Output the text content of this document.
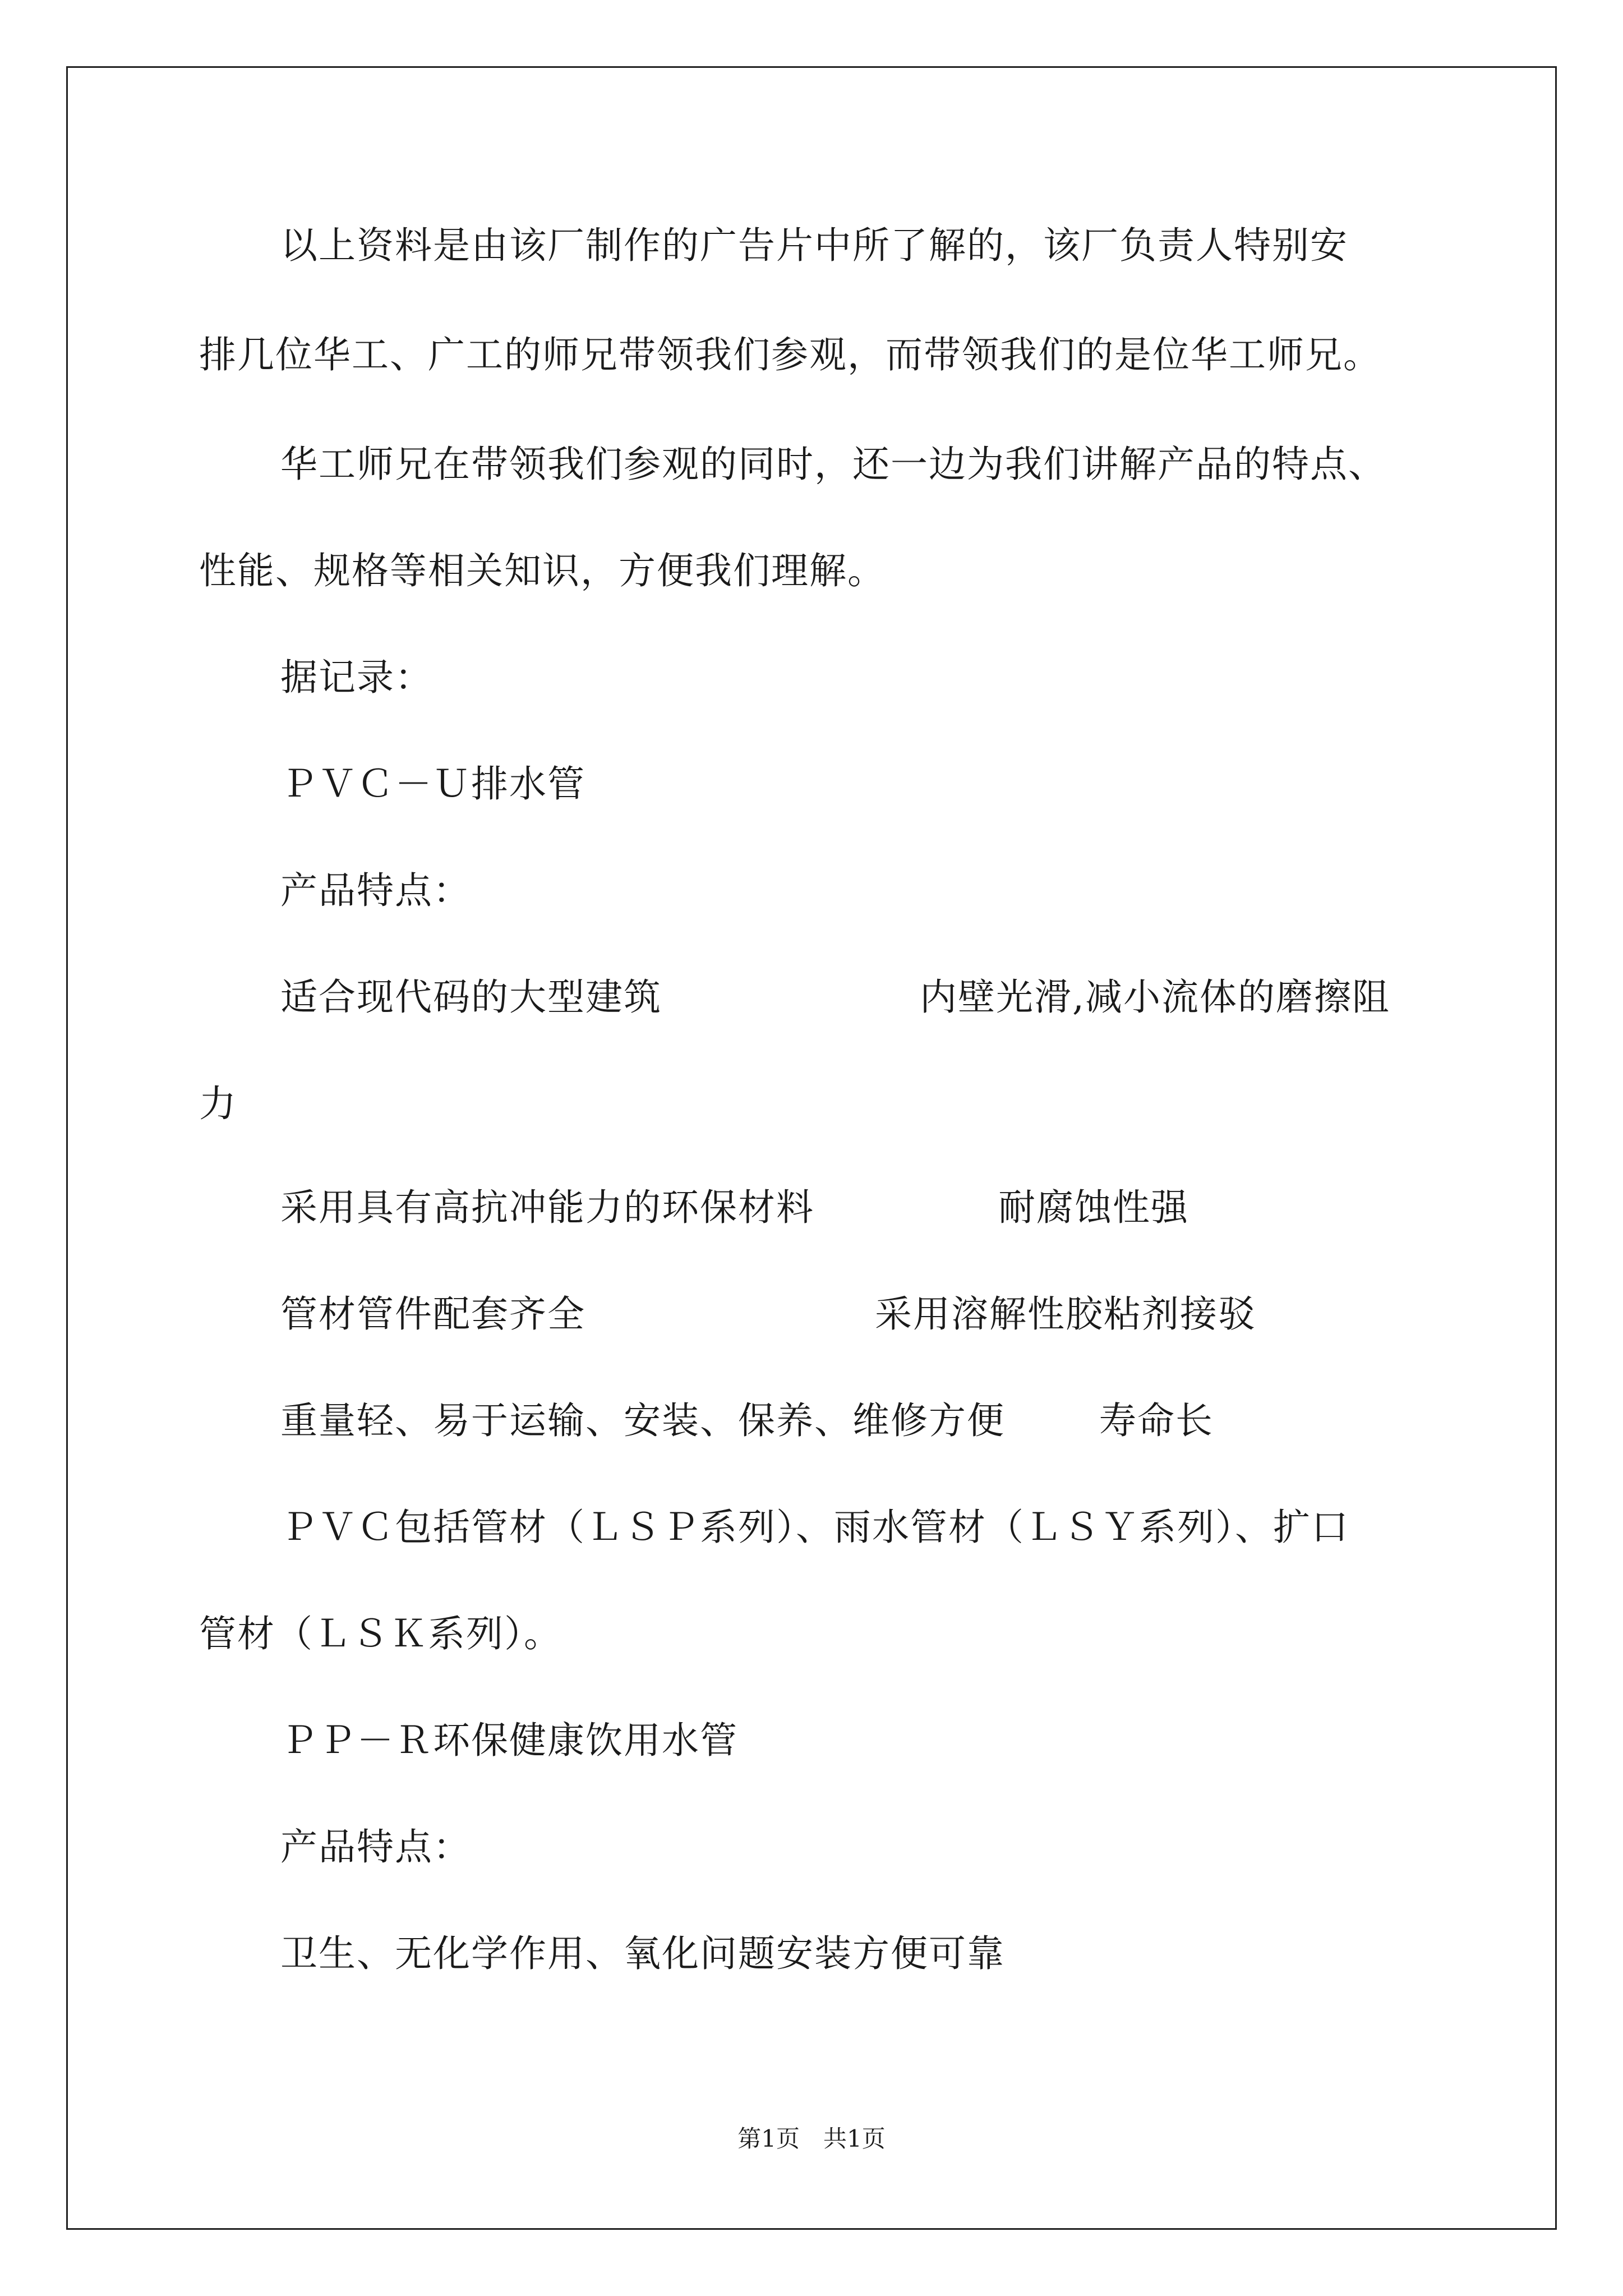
以上资料是由该厂制作的广告片中所了解的，该厂负责人特别安
排几位华工、广工的师兄带领我们参观，而带领我们的是位华工师兄。
华工师兄在带领我们参观的同时，还一边为我们讲解产品的特点、
性能、规格等相关知识，方便我们理解。
据记录：
ＰＶＣ－Ｕ排水管
产品特点：
适合现代码的大型建筑	内壁光滑,减小流体的磨擦阻
力
采用具有高抗冲能力的环保材料	耐腐蚀性强
管材管件配套齐全	采用溶解性胶粘剂接驳
重量轻、易于运输、安装、保养、维修方便	寿命长
ＰＶＣ包括管材（ＬＳＰ系列）、雨水管材（ＬＳＹ系列）、扩口
管材（ＬＳＫ系列）。
ＰＰ－Ｒ环保健康饮用水管
产品特点：
卫生、无化学作用、氧化问题安装方便可靠
第1页　共1页
